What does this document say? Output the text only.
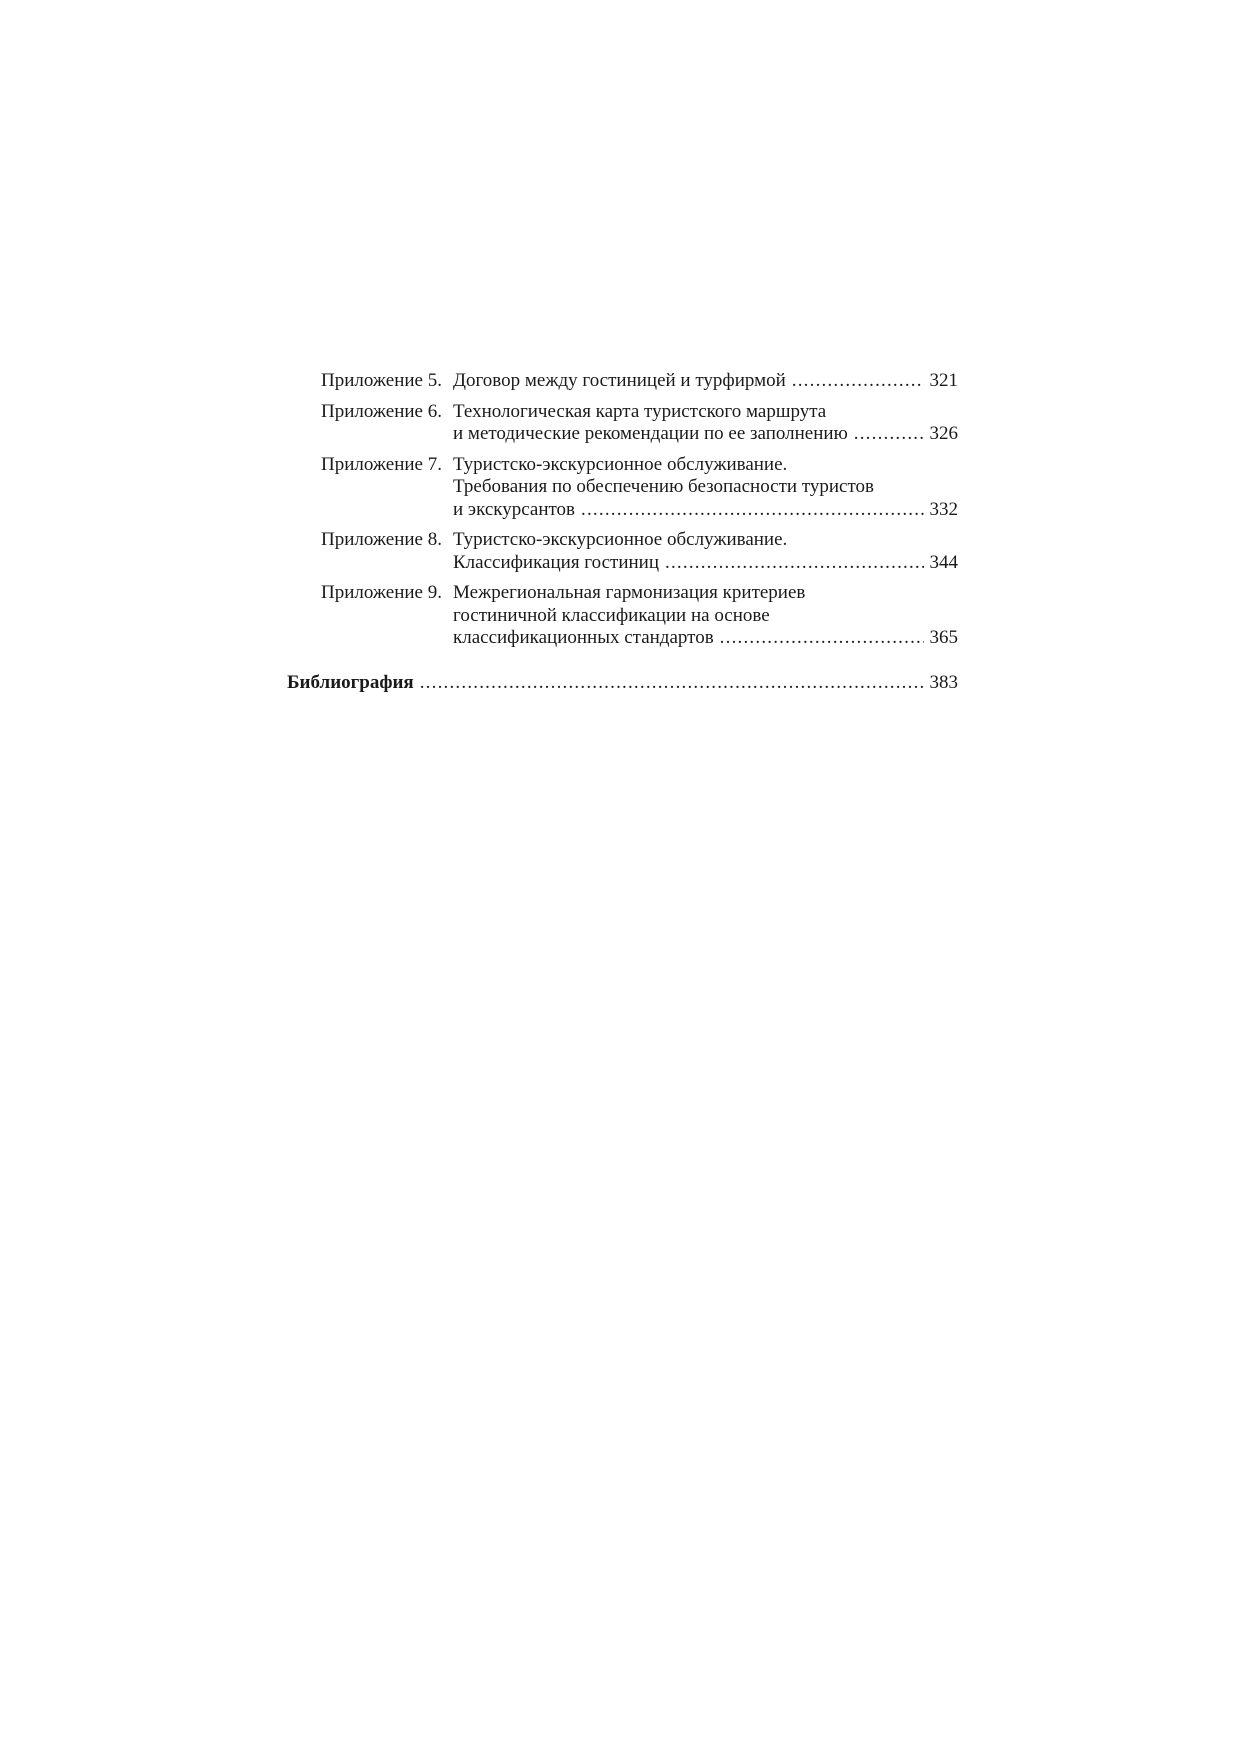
Приложение 5. Договор между гостиницей и турфирмой .....	321
Приложение 6. Технологическая карта туристского маршрута
и методические рекомендации по ее заполнению .....	326
Приложение 7. Туристско-экскурсионное обслуживание.
Требования по обеспечению безопасности туристов
и экскурсантов .....	332
Приложение 8. Туристско-экскурсионное обслуживание.
Классификация гостиниц .....	344
Приложение 9. Межрегиональная гармонизация критериев
гостиничной классификации на основе
классификационных стандартов .....	365
Библиография .....	383
